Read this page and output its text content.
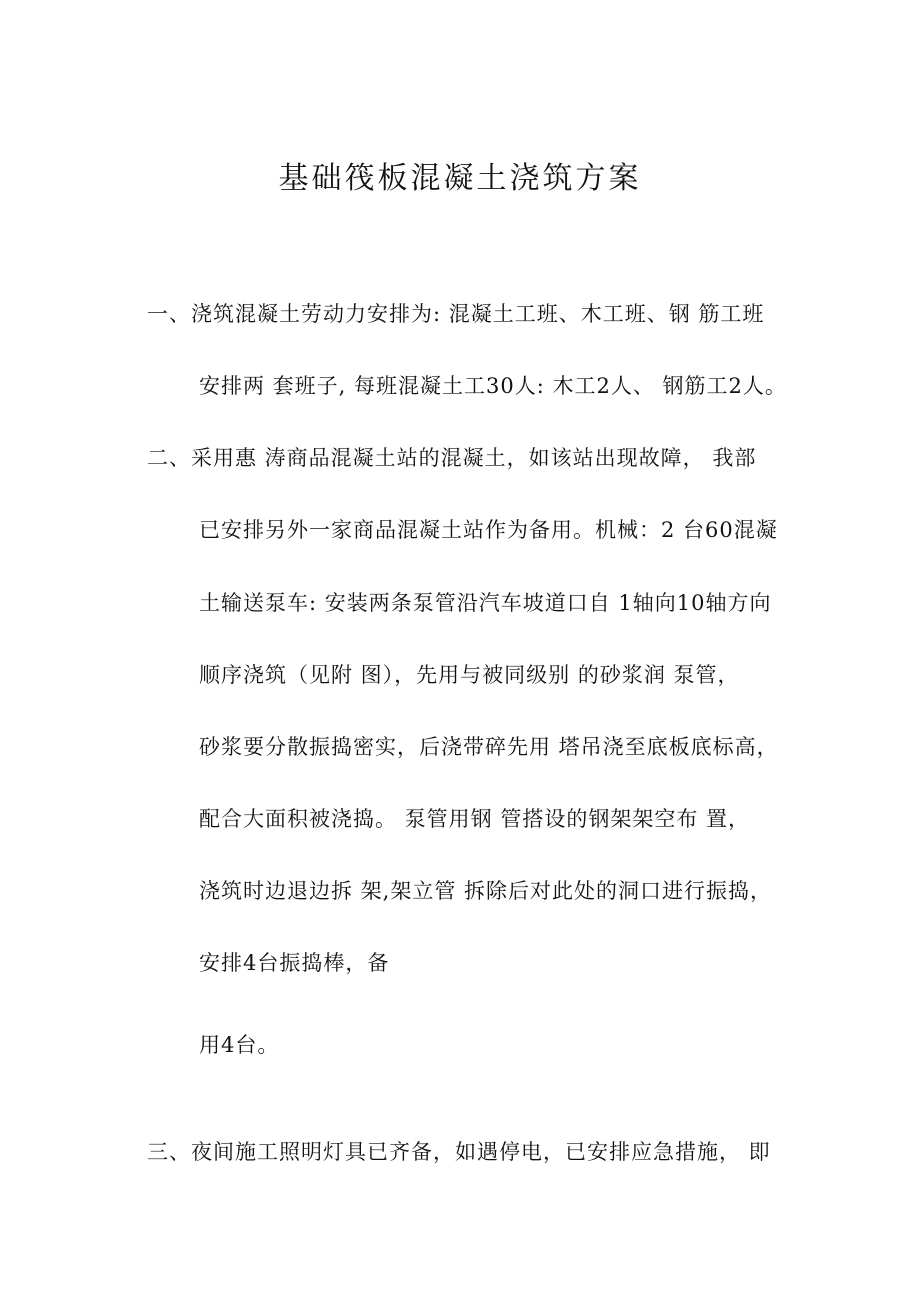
基础筏板混凝土浇筑方案
一、浇筑混凝土劳动力安排为: 混凝土工班、木工班、钢 筋工班
安排两 套班子, 每班混凝土工30人: 木工2人、 钢筋工2人。
二、采用惠 涛商品混凝土站的混凝土，如该站出现故障， 我部
已安排另外一家商品混凝土站作为备用。机械：2 台60混凝
土输送泵车: 安装两条泵管沿汽车坡道口自 1轴向10轴方向
顺序浇筑（见附 图），先用与被同级别 的砂浆润 泵管，
砂浆要分散振捣密实，后浇带碎先用 塔吊浇至底板底标高，
配合大面积被浇捣。 泵管用钢 管搭设的钢架架空布 置，
浇筑时边退边拆 架,架立管 拆除后对此处的洞口进行振捣，
安排4台振捣棒，备
用4台。
三、夜间施工照明灯具已齐备，如遇停电，已安排应急措施， 即
